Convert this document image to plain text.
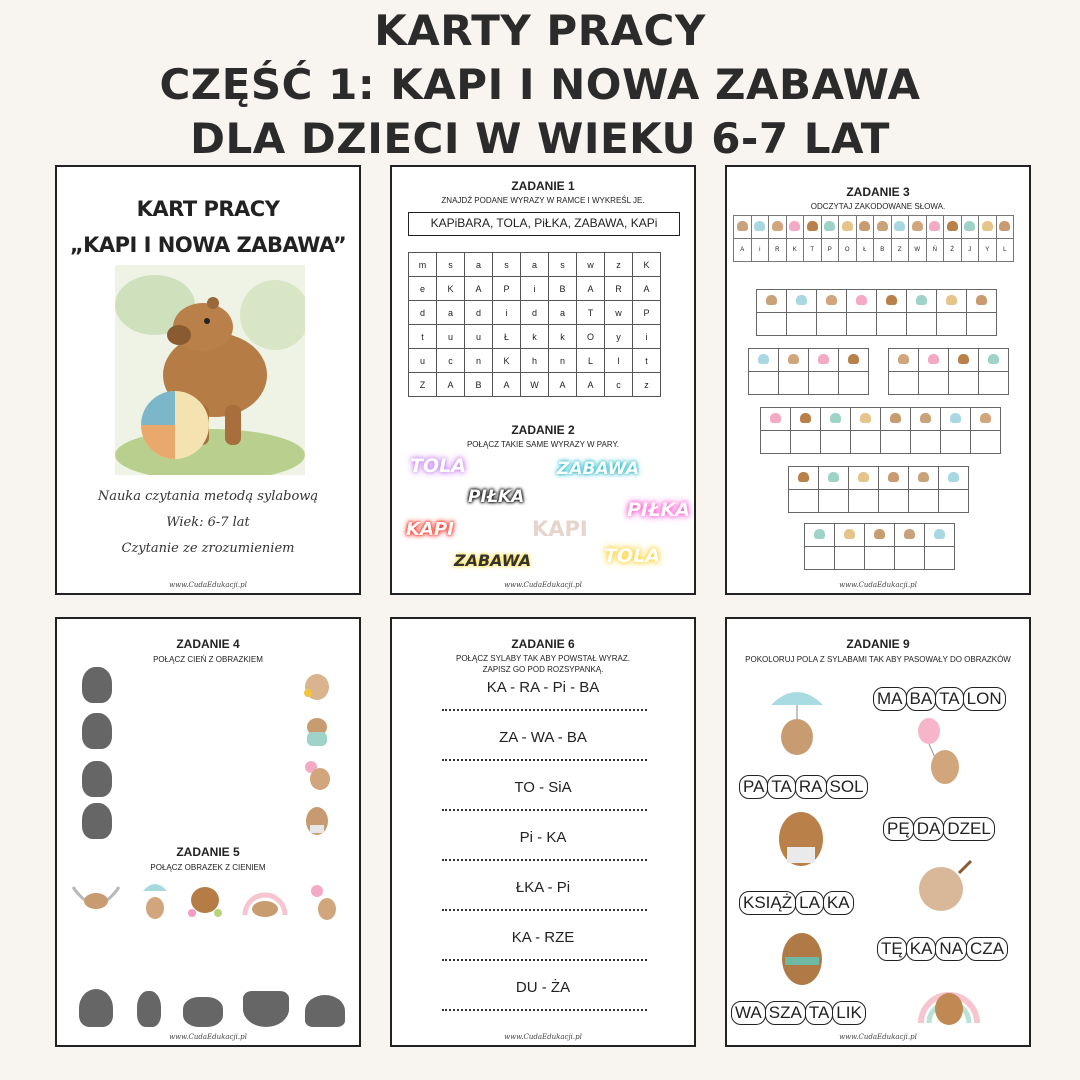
KARTY PRACY
CZĘŚĆ 1: KAPI I NOWA ZABAWA
DLA DZIECI W WIEKU 6-7 LAT
KART PRACY
„KAPI I NOWA ZABAWA”
Nauka czytania metodą sylabową
Wiek: 6-7 lat
Czytanie ze zrozumieniem
www.CudaEdukacji.pl
ZADANIE 1
ZNAJDŹ PODANE WYRAZY W RAMCE I WYKREŚL JE.
KAPiBARA, TOLA, PiŁKA, ZABAWA, KAPi
m	s	a	s	a	s	w	z	K
e	K	A	P	i	B	A	R	A
d	a	d	i	d	a	T	w	P
t	u	u	Ł	k	k	O	y	i
u	c	n	K	h	n	L	l	t
Z	A	B	A	W	A	A	c	z
ZADANIE 2
POŁĄCZ TAKIE SAME WYRAZY W PARY.
TOLA	ZABAWA
PIŁKA
PIŁKA
KAPI	KAPI
ZABAWA	TOLA
www.CudaEdukacji.pl
ZADANIE 3
ODCZYTAJ ZAKODOWANE SŁOWA.

A	i	R	K	T	P	O	Ł	B	Z	W	Ń	Ż	J	Y	L

www.CudaEdukacji.pl
ZADANIE 4
POŁĄCZ CIEŃ Z OBRAZKIEM
ZADANIE 5
POŁĄCZ OBRAZEK Z CIENIEM
www.CudaEdukacji.pl
ZADANIE 6
POŁĄCZ SYLABY TAK ABY POWSTAŁ WYRAZ.
ZAPISZ GO POD ROZSYPANKĄ.
KA - RA - Pi - BA
ZA - WA - BA
TO - SiA
Pi - KA
ŁKA - Pi
KA - RZE
DU - ŻA
www.CudaEdukacji.pl
ZADANIE 9
POKOLORUJ POLA Z SYLABAMI TAK ABY PASOWAŁY DO OBRAZKÓW
MA BA TA LON
PA TA RA SOL
PĘ DA DZEL
KSIĄŻ LA KA
TĘ KA NA CZA
WA SZA TA LIK
www.CudaEdukacji.pl
